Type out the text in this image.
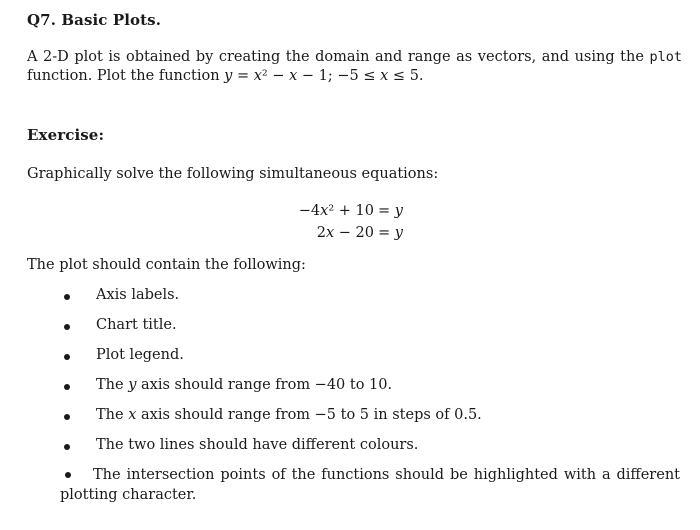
Q7. Basic Plots.
A 2-D plot is obtained by creating the domain and range as vectors, and using the plot function. Plot the function y = x² − x − 1; −5 ≤ x ≤ 5.
Exercise:
Graphically solve the following simultaneous equations:
−4x² + 10 = y
2x − 20 = y
The plot should contain the following:
Axis labels.
Chart title.
Plot legend.
The y axis should range from −40 to 10.
The x axis should range from −5 to 5 in steps of 0.5.
The two lines should have different colours.
The intersection points of the functions should be highlighted with a different plotting character.
